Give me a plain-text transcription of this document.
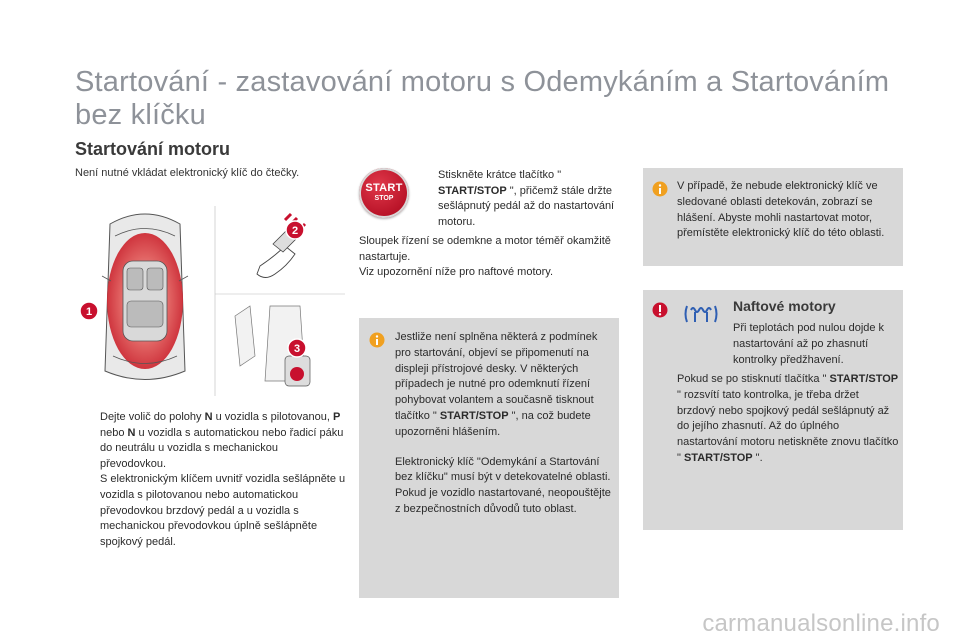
Startování - zastavování motoru s Odemykáním a Startováním bez klíčku
Startování motoru
Není nutné vkládat elektronický klíč do čtečky.
1
2
3
Dejte volič do polohy N u vozidla s pilotovanou, P nebo N u vozidla s automatickou nebo řadicí páku do neutrálu u vozidla s mechanickou převodovkou.
S elektronickým klíčem uvnitř vozidla sešlápněte u vozidla s pilotovanou nebo automatickou převodovkou brzdový pedál a u vozidla s mechanickou převodovkou úplně sešlápněte spojkový pedál.
START
STOP
Stiskněte krátce tlačítko " START/STOP ", přičemž stále držte sešlápnutý pedál až do nastartování motoru.
Sloupek řízení se odemkne a motor téměř okamžitě nastartuje.
Viz upozornění níže pro naftové motory.
Jestliže není splněna některá z podmínek pro startování, objeví se připomenutí na displeji přístrojové desky. V některých případech je nutné pro odemknutí řízení pohybovat volantem a současně tisknout tlačítko " START/STOP ", na což budete upozorněni hlášením.
Elektronický klíč "Odemykání a Startování bez klíčku" musí být v detekovatelné oblasti.
Pokud je vozidlo nastartované, neopouštějte z bezpečnostních důvodů tuto oblast.
V případě, že nebude elektronický klíč ve sledované oblasti detekován, zobrazí se hlášení. Abyste mohli nastartovat motor, přemístěte elektronický klíč do této oblasti.
Naftové motory
Při teplotách pod nulou dojde k nastartování až po zhasnutí kontrolky předžhavení.
Pokud se po stisknutí tlačítka " START/STOP " rozsvítí tato kontrolka, je třeba držet brzdový nebo spojkový pedál sešlápnutý až do jejího zhasnutí. Až do úplného nastartování motoru netiskněte znovu tlačítko " START/STOP ".
carmanualsonline.info
